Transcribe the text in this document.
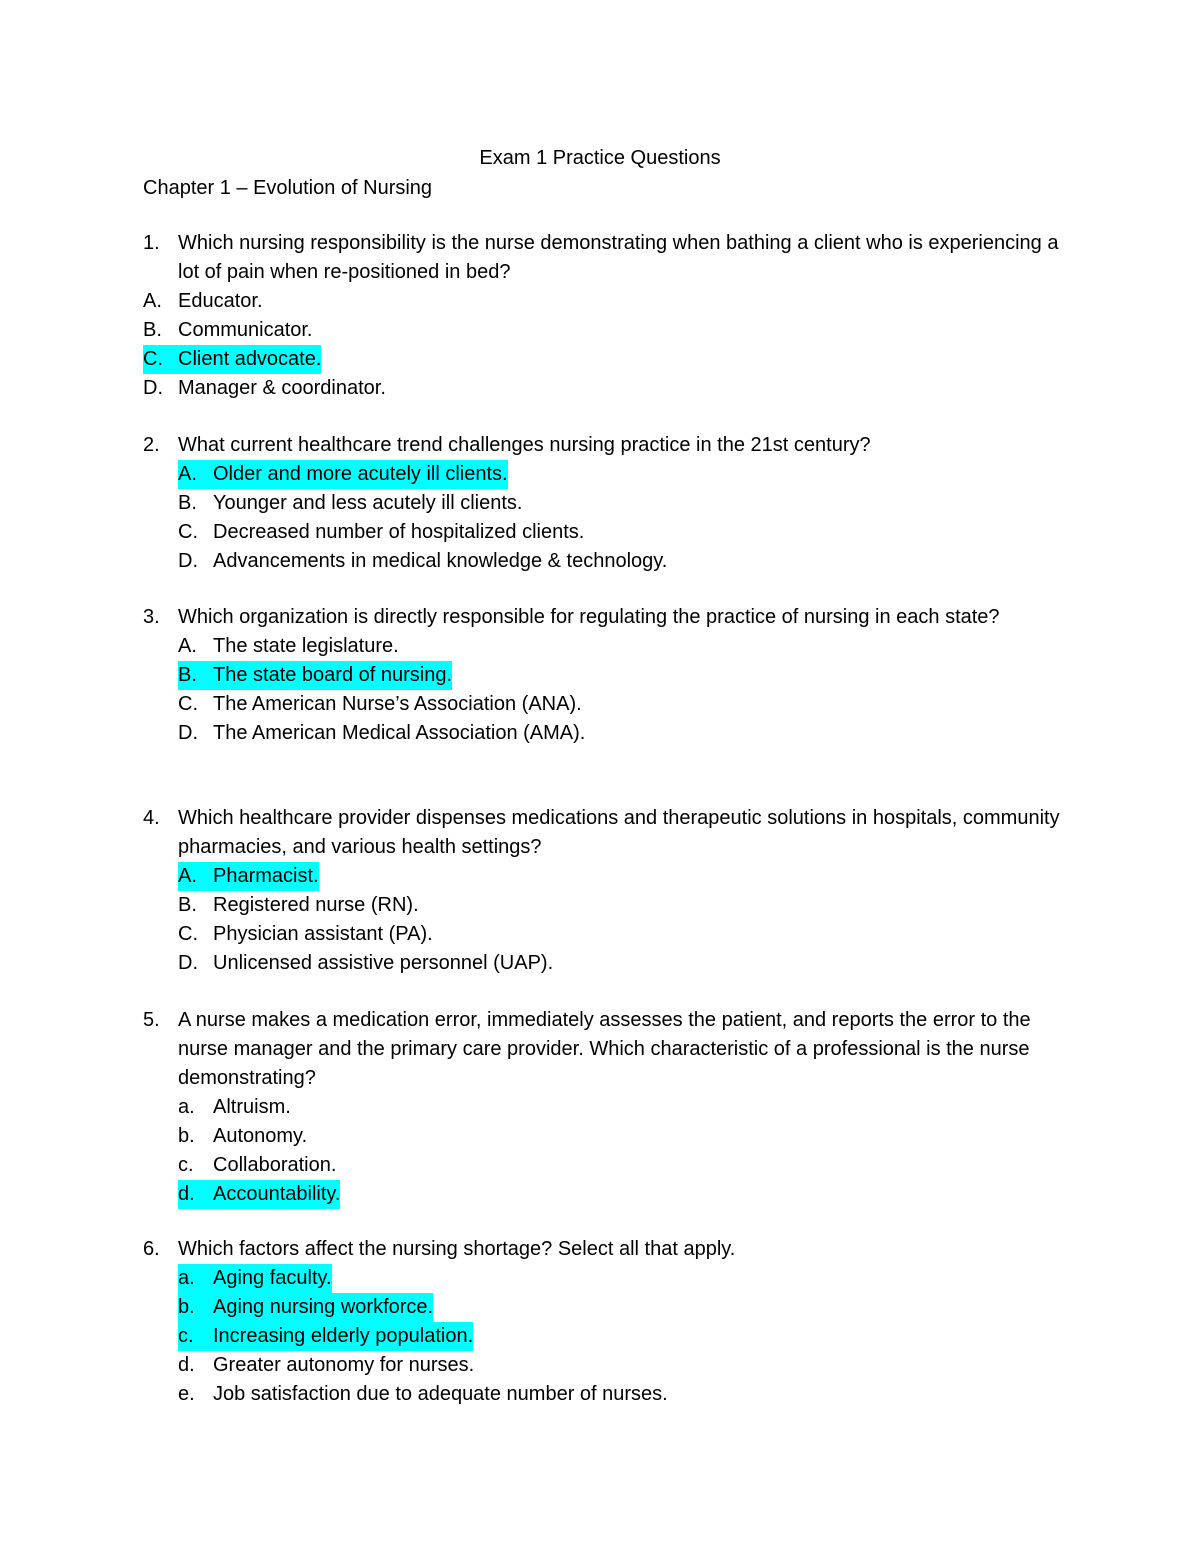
Exam 1 Practice Questions
Chapter 1 – Evolution of Nursing
1. Which nursing responsibility is the nurse demonstrating when bathing a client who is experiencing a lot of pain when re-positioned in bed?
A. Educator.
B. Communicator.
C. Client advocate.
D. Manager & coordinator.
2. What current healthcare trend challenges nursing practice in the 21st century?
A. Older and more acutely ill clients.
B. Younger and less acutely ill clients.
C. Decreased number of hospitalized clients.
D. Advancements in medical knowledge & technology.
3. Which organization is directly responsible for regulating the practice of nursing in each state?
A. The state legislature.
B. The state board of nursing.
C. The American Nurse’s Association (ANA).
D. The American Medical Association (AMA).
4. Which healthcare provider dispenses medications and therapeutic solutions in hospitals, community pharmacies, and various health settings?
A. Pharmacist.
B. Registered nurse (RN).
C. Physician assistant (PA).
D. Unlicensed assistive personnel (UAP).
5. A nurse makes a medication error, immediately assesses the patient, and reports the error to the nurse manager and the primary care provider. Which characteristic of a professional is the nurse demonstrating?
a. Altruism.
b. Autonomy.
c. Collaboration.
d. Accountability.
6. Which factors affect the nursing shortage? Select all that apply.
a. Aging faculty.
b. Aging nursing workforce.
c. Increasing elderly population.
d. Greater autonomy for nurses.
e. Job satisfaction due to adequate number of nurses.
